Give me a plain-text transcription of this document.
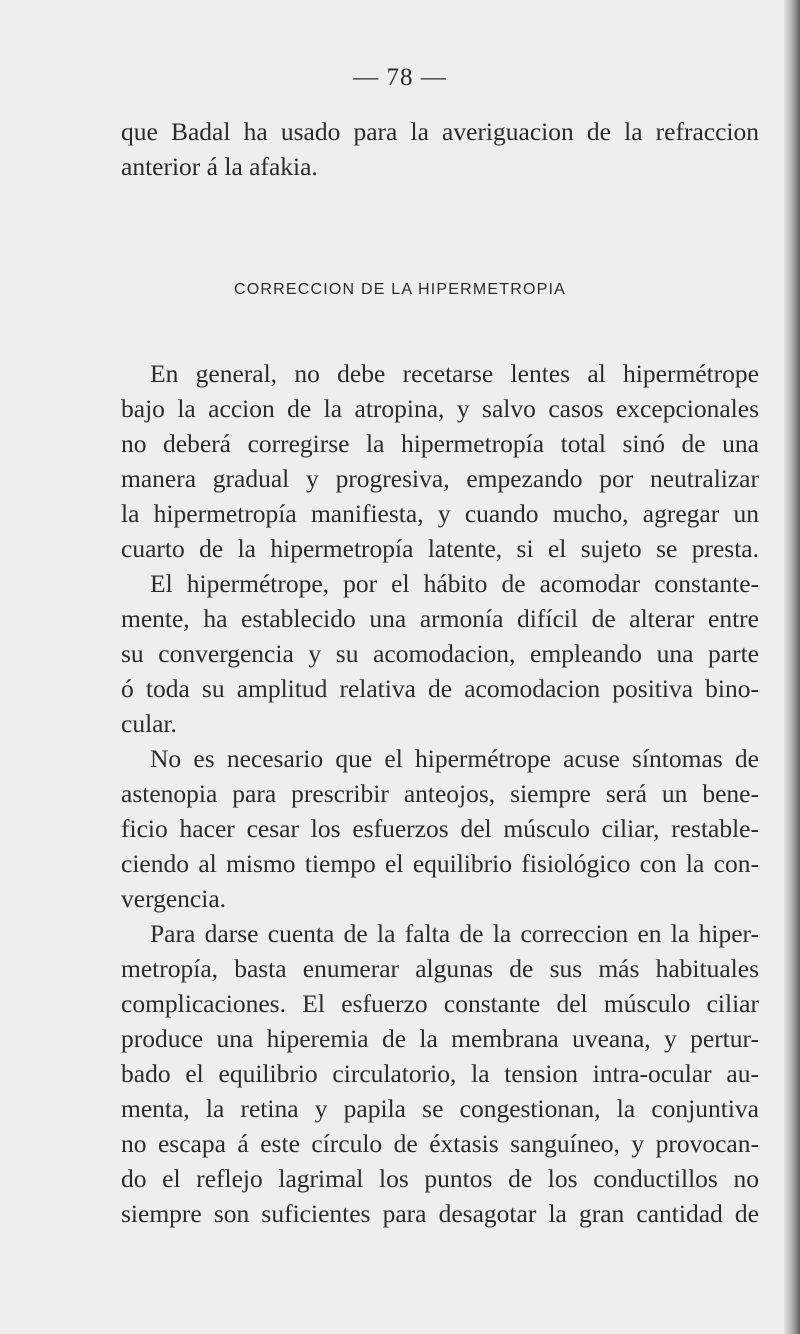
— 78 —
que Badal ha usado para la averiguacion de la refraccion
anterior á la afakia.
CORRECCION DE LA HIPERMETROPIA
En general, no debe recetarse lentes al hipermétrope
bajo la accion de la atropina, y salvo casos excepcionales
no deberá corregirse la hipermetropía total sinó de una
manera gradual y progresiva, empezando por neutralizar
la hipermetropía manifiesta, y cuando mucho, agregar un
cuarto de la hipermetropía latente, si el sujeto se presta.
El hipermétrope, por el hábito de acomodar constante-
mente, ha establecido una armonía difícil de alterar entre
su convergencia y su acomodacion, empleando una parte
ó toda su amplitud relativa de acomodacion positiva bino-
cular.
No es necesario que el hipermétrope acuse síntomas de
astenopia para prescribir anteojos, siempre será un bene-
ficio hacer cesar los esfuerzos del músculo ciliar, restable-
ciendo al mismo tiempo el equilibrio fisiológico con la con-
vergencia.
Para darse cuenta de la falta de la correccion en la hiper-
metropía, basta enumerar algunas de sus más habituales
complicaciones. El esfuerzo constante del músculo ciliar
produce una hiperemia de la membrana uveana, y pertur-
bado el equilibrio circulatorio, la tension intra-ocular au-
menta, la retina y papila se congestionan, la conjuntiva
no escapa á este círculo de éxtasis sanguíneo, y provocan-
do el reflejo lagrimal los puntos de los conductillos no
siempre son suficientes para desagotar la gran cantidad de
